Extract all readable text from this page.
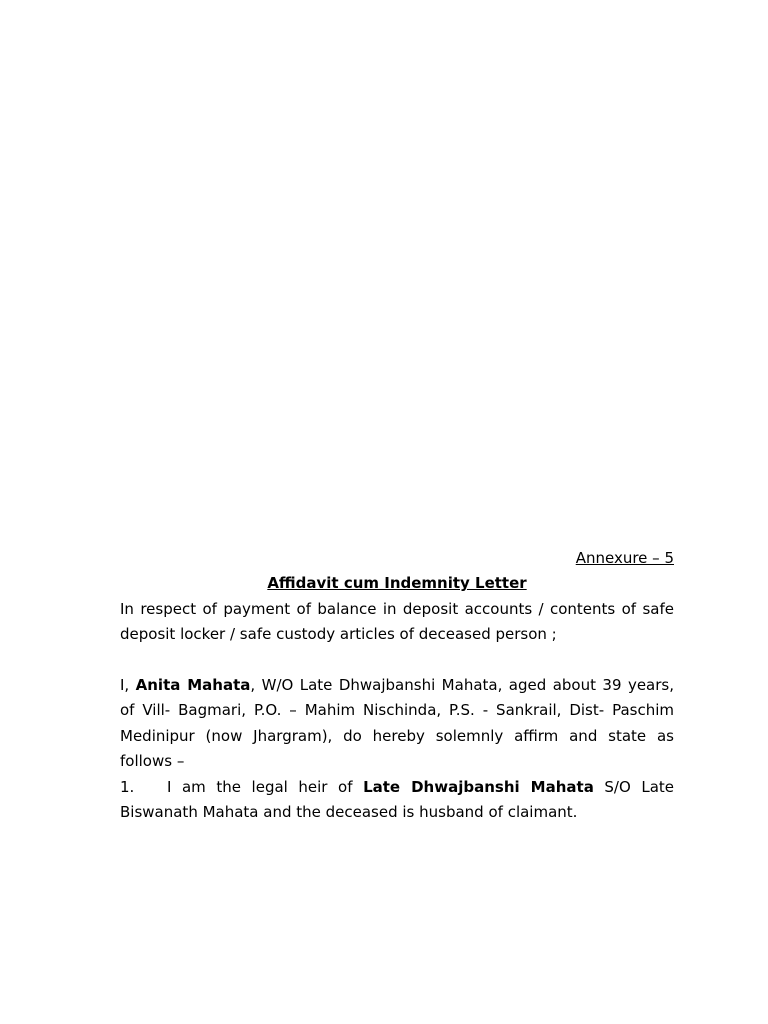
Annexure – 5
Affidavit cum Indemnity Letter

In respect of payment of balance in deposit accounts / contents of safe deposit locker / safe custody articles of deceased person ;

I, Anita Mahata, W/O Late Dhwajbanshi Mahata, aged about 39 years, of Vill- Bagmari, P.O. – Mahim Nischinda, P.S. - Sankrail, Dist- Paschim Medinipur (now Jhargram), do hereby solemnly affirm and state as follows –

1. I am the legal heir of Late Dhwajbanshi Mahata S/O Late Biswanath Mahata and the deceased is husband of claimant.
